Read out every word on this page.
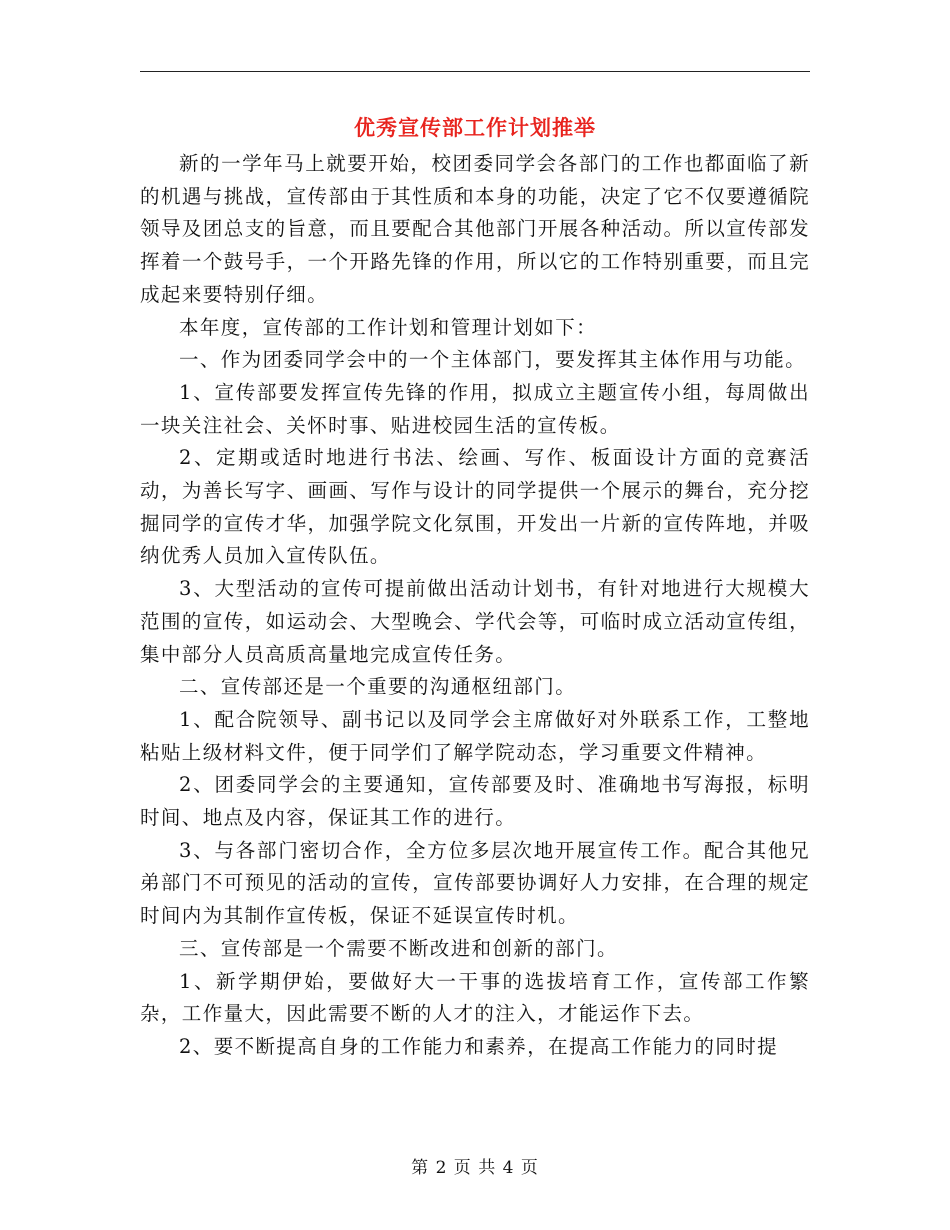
优秀宣传部工作计划推举

新的一学年马上就要开始，校团委同学会各部门的工作也都面临了新的机遇与挑战，宣传部由于其性质和本身的功能，决定了它不仅要遵循院领导及团总支的旨意，而且要配合其他部门开展各种活动。所以宣传部发挥着一个鼓号手，一个开路先锋的作用，所以它的工作特别重要，而且完成起来要特别仔细。

本年度，宣传部的工作计划和管理计划如下：

一、作为团委同学会中的一个主体部门，要发挥其主体作用与功能。

1、宣传部要发挥宣传先锋的作用，拟成立主题宣传小组，每周做出一块关注社会、关怀时事、贴进校园生活的宣传板。

2、定期或适时地进行书法、绘画、写作、板面设计方面的竞赛活动，为善长写字、画画、写作与设计的同学提供一个展示的舞台，充分挖掘同学的宣传才华，加强学院文化氛围，开发出一片新的宣传阵地，并吸纳优秀人员加入宣传队伍。

3、大型活动的宣传可提前做出活动计划书，有针对地进行大规模大范围的宣传，如运动会、大型晚会、学代会等，可临时成立活动宣传组，集中部分人员高质高量地完成宣传任务。

二、宣传部还是一个重要的沟通枢纽部门。

1、配合院领导、副书记以及同学会主席做好对外联系工作，工整地粘贴上级材料文件，便于同学们了解学院动态，学习重要文件精神。

2、团委同学会的主要通知，宣传部要及时、准确地书写海报，标明时间、地点及内容，保证其工作的进行。

3、与各部门密切合作，全方位多层次地开展宣传工作。配合其他兄弟部门不可预见的活动的宣传，宣传部要协调好人力安排，在合理的规定时间内为其制作宣传板，保证不延误宣传时机。

三、宣传部是一个需要不断改进和创新的部门。

1、新学期伊始，要做好大一干事的选拔培育工作，宣传部工作繁杂，工作量大，因此需要不断的人才的注入，才能运作下去。

2、要不断提高自身的工作能力和素养，在提高工作能力的同时提

第 2 页 共 4 页
